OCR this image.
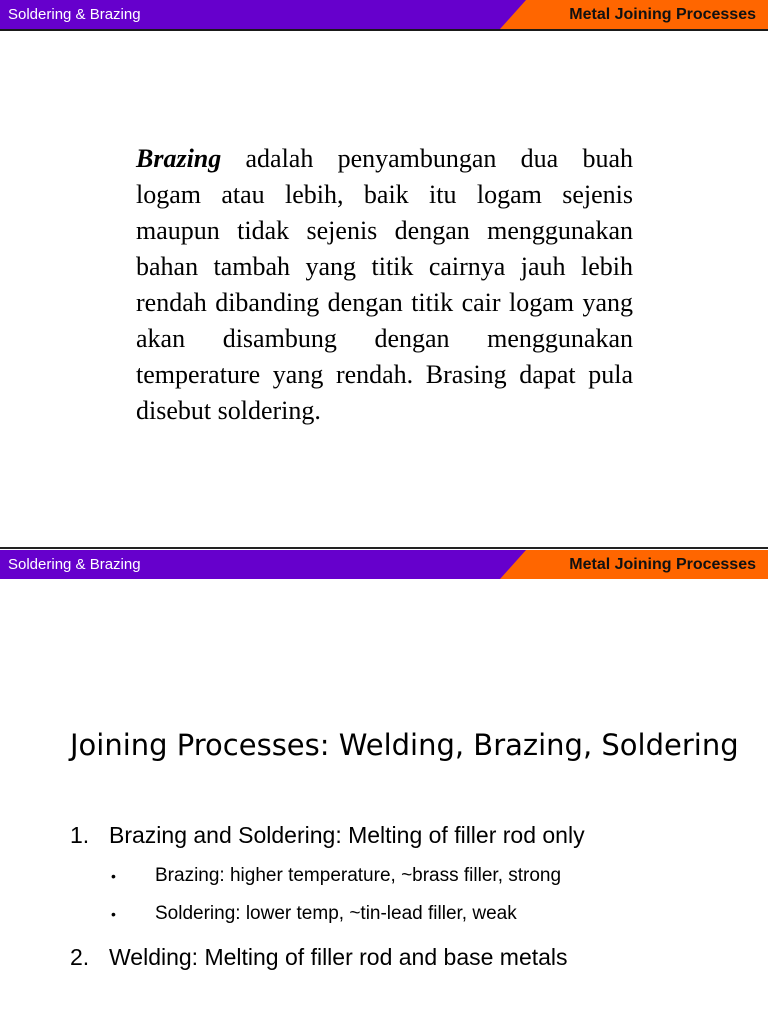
Soldering & Brazing	Metal Joining Processes

Brazing adalah penyambungan dua buah logam atau lebih, baik itu logam sejenis maupun tidak sejenis dengan menggunakan bahan tambah yang titik cairnya jauh lebih rendah dibanding dengan titik cair logam yang akan disambung dengan menggunakan temperature yang rendah. Brasing dapat pula disebut soldering.

Soldering & Brazing	Metal Joining Processes
Joining Processes: Welding, Brazing, Soldering
1. Brazing and Soldering: Melting of filler rod only
• Brazing: higher temperature, ~brass filler, strong
• Soldering: lower temp, ~tin-lead filler, weak
2. Welding: Melting of filler rod and base metals
